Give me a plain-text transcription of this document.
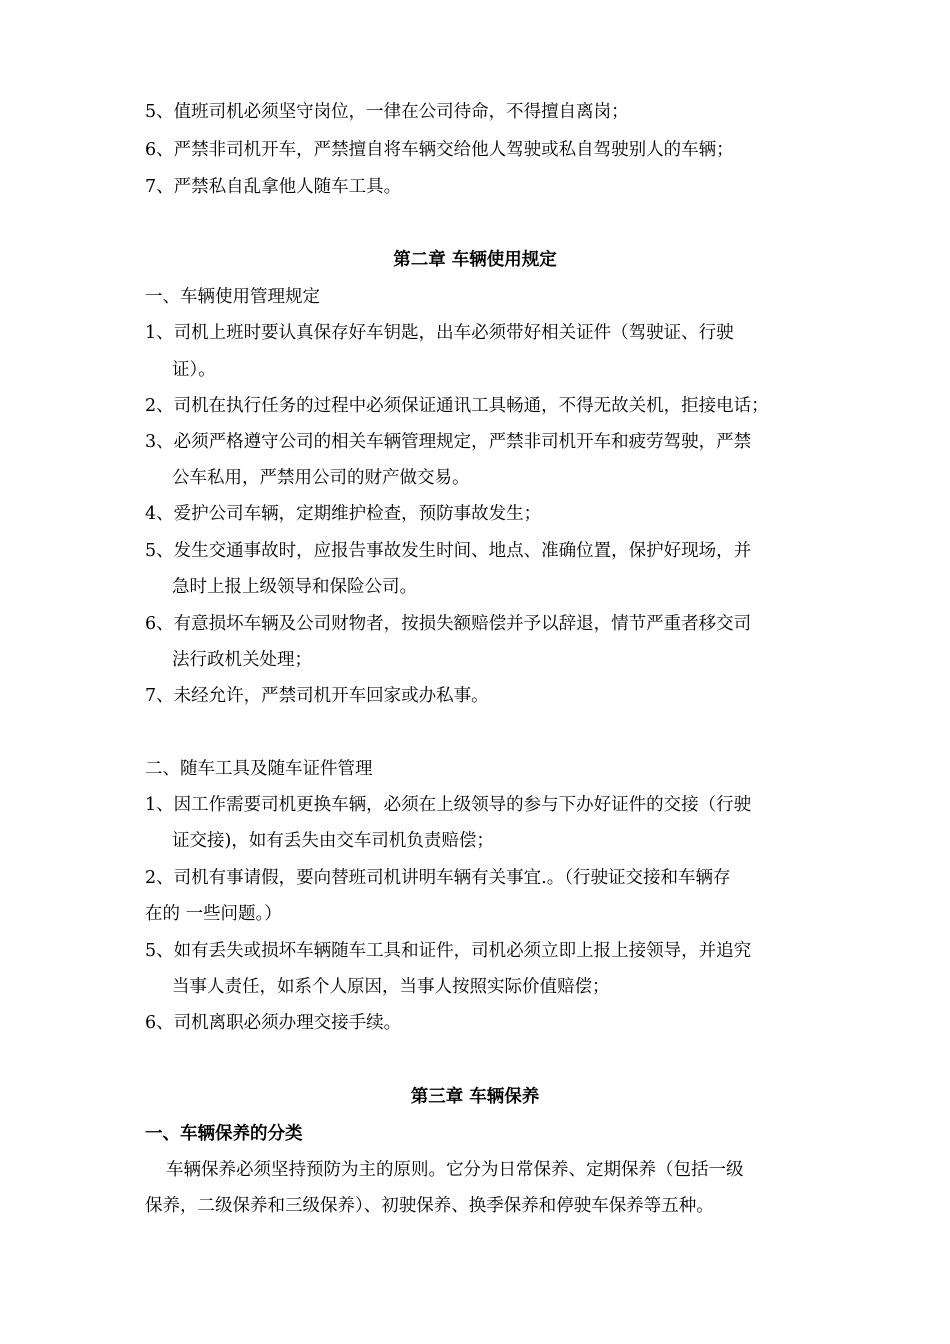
5、值班司机必须坚守岗位，一律在公司待命，不得擅自离岗；
6、严禁非司机开车，严禁擅自将车辆交给他人驾驶或私自驾驶别人的车辆；
7、严禁私自乱拿他人随车工具。
第二章 车辆使用规定
一、车辆使用管理规定
1、司机上班时要认真保存好车钥匙，出车必须带好相关证件（驾驶证、行驶
证）。
2、司机在执行任务的过程中必须保证通讯工具畅通，不得无故关机，拒接电话；
3、必须严格遵守公司的相关车辆管理规定，严禁非司机开车和疲劳驾驶，严禁
公车私用，严禁用公司的财产做交易。
4、爱护公司车辆，定期维护检查，预防事故发生；
5、发生交通事故时，应报告事故发生时间、地点、准确位置，保护好现场，并
急时上报上级领导和保险公司。
6、有意损坏车辆及公司财物者，按损失额赔偿并予以辞退，情节严重者移交司
法行政机关处理；
7、未经允许，严禁司机开车回家或办私事。
二、随车工具及随车证件管理
1、因工作需要司机更换车辆，必须在上级领导的参与下办好证件的交接（行驶
证交接)，如有丢失由交车司机负责赔偿；
2、司机有事请假，要向替班司机讲明车辆有关事宜.。（行驶证交接和车辆存
在的 一些问题。）
5、如有丢失或损坏车辆随车工具和证件，司机必须立即上报上接领导，并追究
当事人责任，如系个人原因，当事人按照实际价值赔偿；
6、司机离职必须办理交接手续。
第三章 车辆保养
一、车辆保养的分类
车辆保养必须坚持预防为主的原则。它分为日常保养、定期保养（包括一级
保养，二级保养和三级保养）、初驶保养、换季保养和停驶车保养等五种。
